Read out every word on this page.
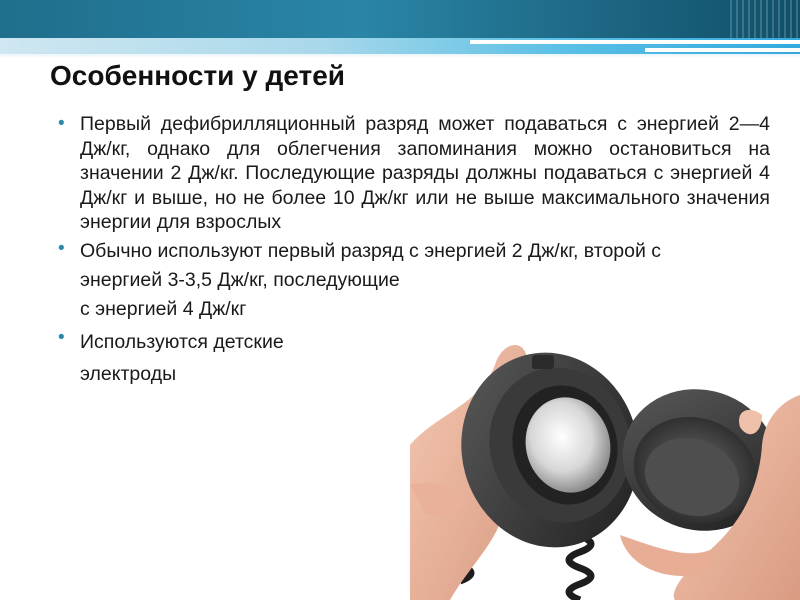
Особенности у детей
• Первый дефибрилляционный разряд может подаваться с энергией 2—4 Дж/кг, однако для облегчения запоминания можно остановиться на значении 2 Дж/кг. Последующие разряды должны подаваться с энергией 4 Дж/кг и выше, но не более 10 Дж/кг или не выше максимального значения энергии для взрослых
• Обычно используют первый разряд с энергией 2 Дж/кг, второй с
энергией 3-3,5 Дж/кг, последующие
с энергией 4 Дж/кг
• Используются детские
электроды
